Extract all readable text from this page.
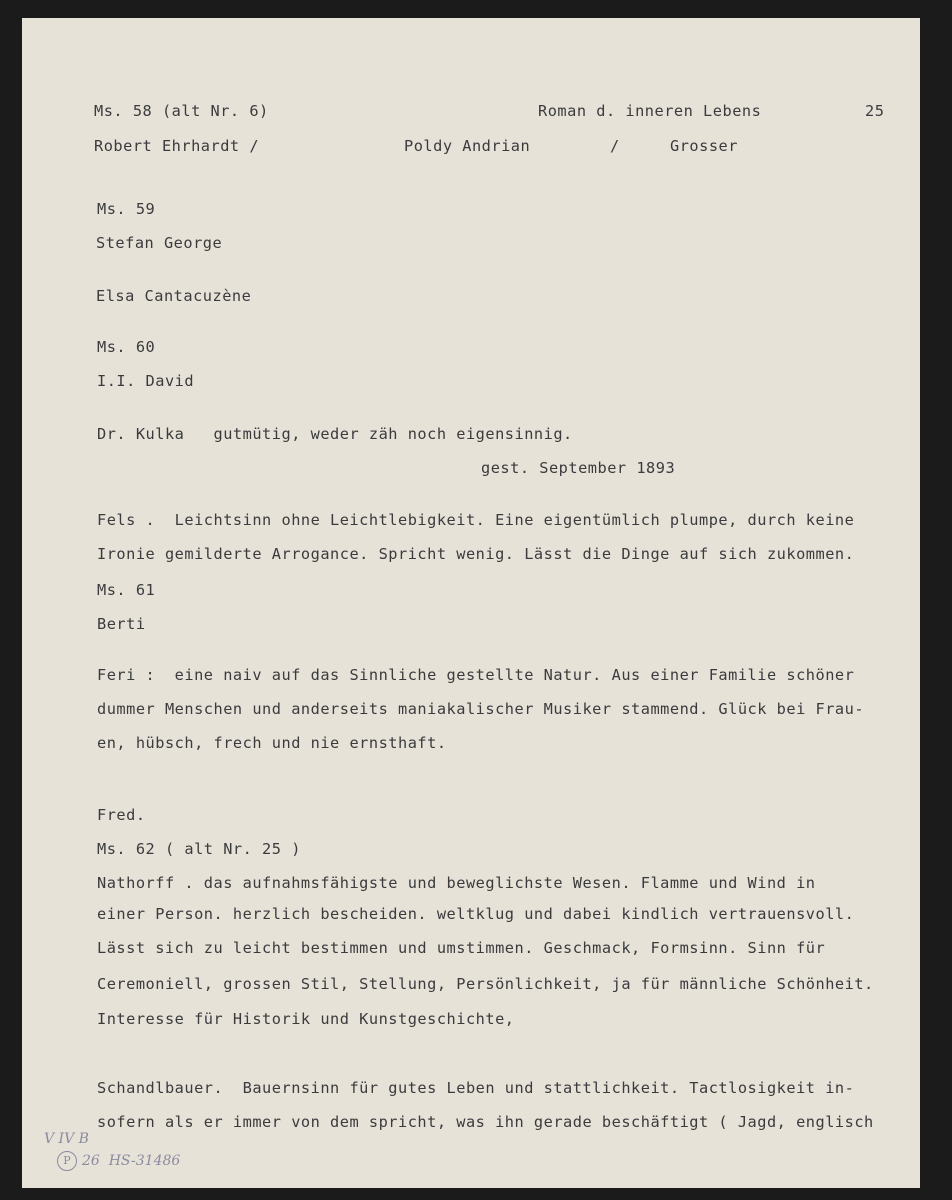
Ms. 58 (alt Nr. 6)	Roman d. inneren Lebens	25
Robert Ehrhardt /	Poldy Andrian	/	Grosser
Ms. 59
Stefan George
Elsa Cantacuzène
Ms. 60
I.I. David
Dr. Kulka   gutmütig, weder zäh noch eigensinnig.
gest. September 1893
Fels .  Leichtsinn ohne Leichtlebigkeit. Eine eigentümlich plumpe, durch keine
Ironie gemilderte Arrogance. Spricht wenig. Lässt die Dinge auf sich zukommen.
Ms. 61
Berti
Feri :  eine naiv auf das Sinnliche gestellte Natur. Aus einer Familie schöner
dummer Menschen und anderseits maniakalischer Musiker stammend. Glück bei Frau-
en, hübsch, frech und nie ernsthaft.
Fred.
Ms. 62 ( alt Nr. 25 )
Nathorff . das aufnahmsfähigste und beweglichste Wesen. Flamme und Wind in
einer Person. herzlich bescheiden. weltklug und dabei kindlich vertrauensvoll.
Lässt sich zu leicht bestimmen und umstimmen. Geschmack, Formsinn. Sinn für
Ceremoniell, grossen Stil, Stellung, Persönlichkeit, ja für männliche Schönheit.
Interesse für Historik und Kunstgeschichte,
Schandlbauer.  Bauernsinn für gutes Leben und stattlichkeit. Tactlosigkeit in-
sofern als er immer von dem spricht, was ihn gerade beschäftigt ( Jagd, englisch
V IV B
P 26  HS-31486
